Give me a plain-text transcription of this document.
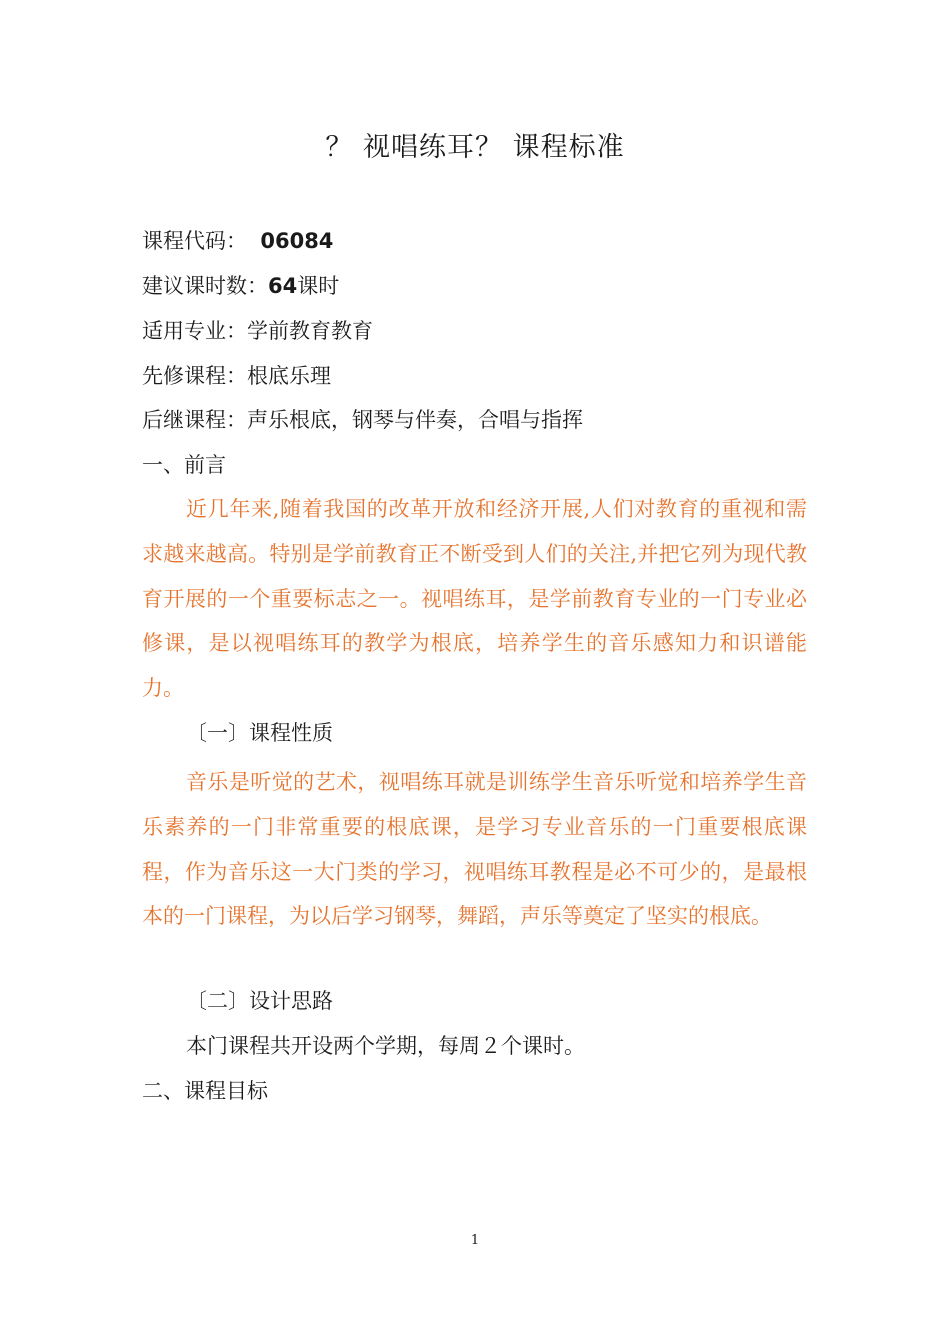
？ 视唱练耳？ 课程标准
课程代码： 06084
建议课时数：64课时
适用专业：学前教育教育
先修课程：根底乐理
后继课程：声乐根底，钢琴与伴奏，合唱与指挥
一、前言
近几年来,随着我国的改革开放和经济开展,人们对教育的重视和需求越来越高。特别是学前教育正不断受到人们的关注,并把它列为现代教育开展的一个重要标志之一。视唱练耳，是学前教育专业的一门专业必修课，是以视唱练耳的教学为根底，培养学生的音乐感知力和识谱能力。
〔一〕课程性质
音乐是听觉的艺术，视唱练耳就是训练学生音乐听觉和培养学生音乐素养的一门非常重要的根底课，是学习专业音乐的一门重要根底课程，作为音乐这一大门类的学习，视唱练耳教程是必不可少的，是最根本的一门课程，为以后学习钢琴，舞蹈，声乐等奠定了坚实的根底。
〔二〕设计思路
本门课程共开设两个学期，每周２个课时。
二、课程目标
1
